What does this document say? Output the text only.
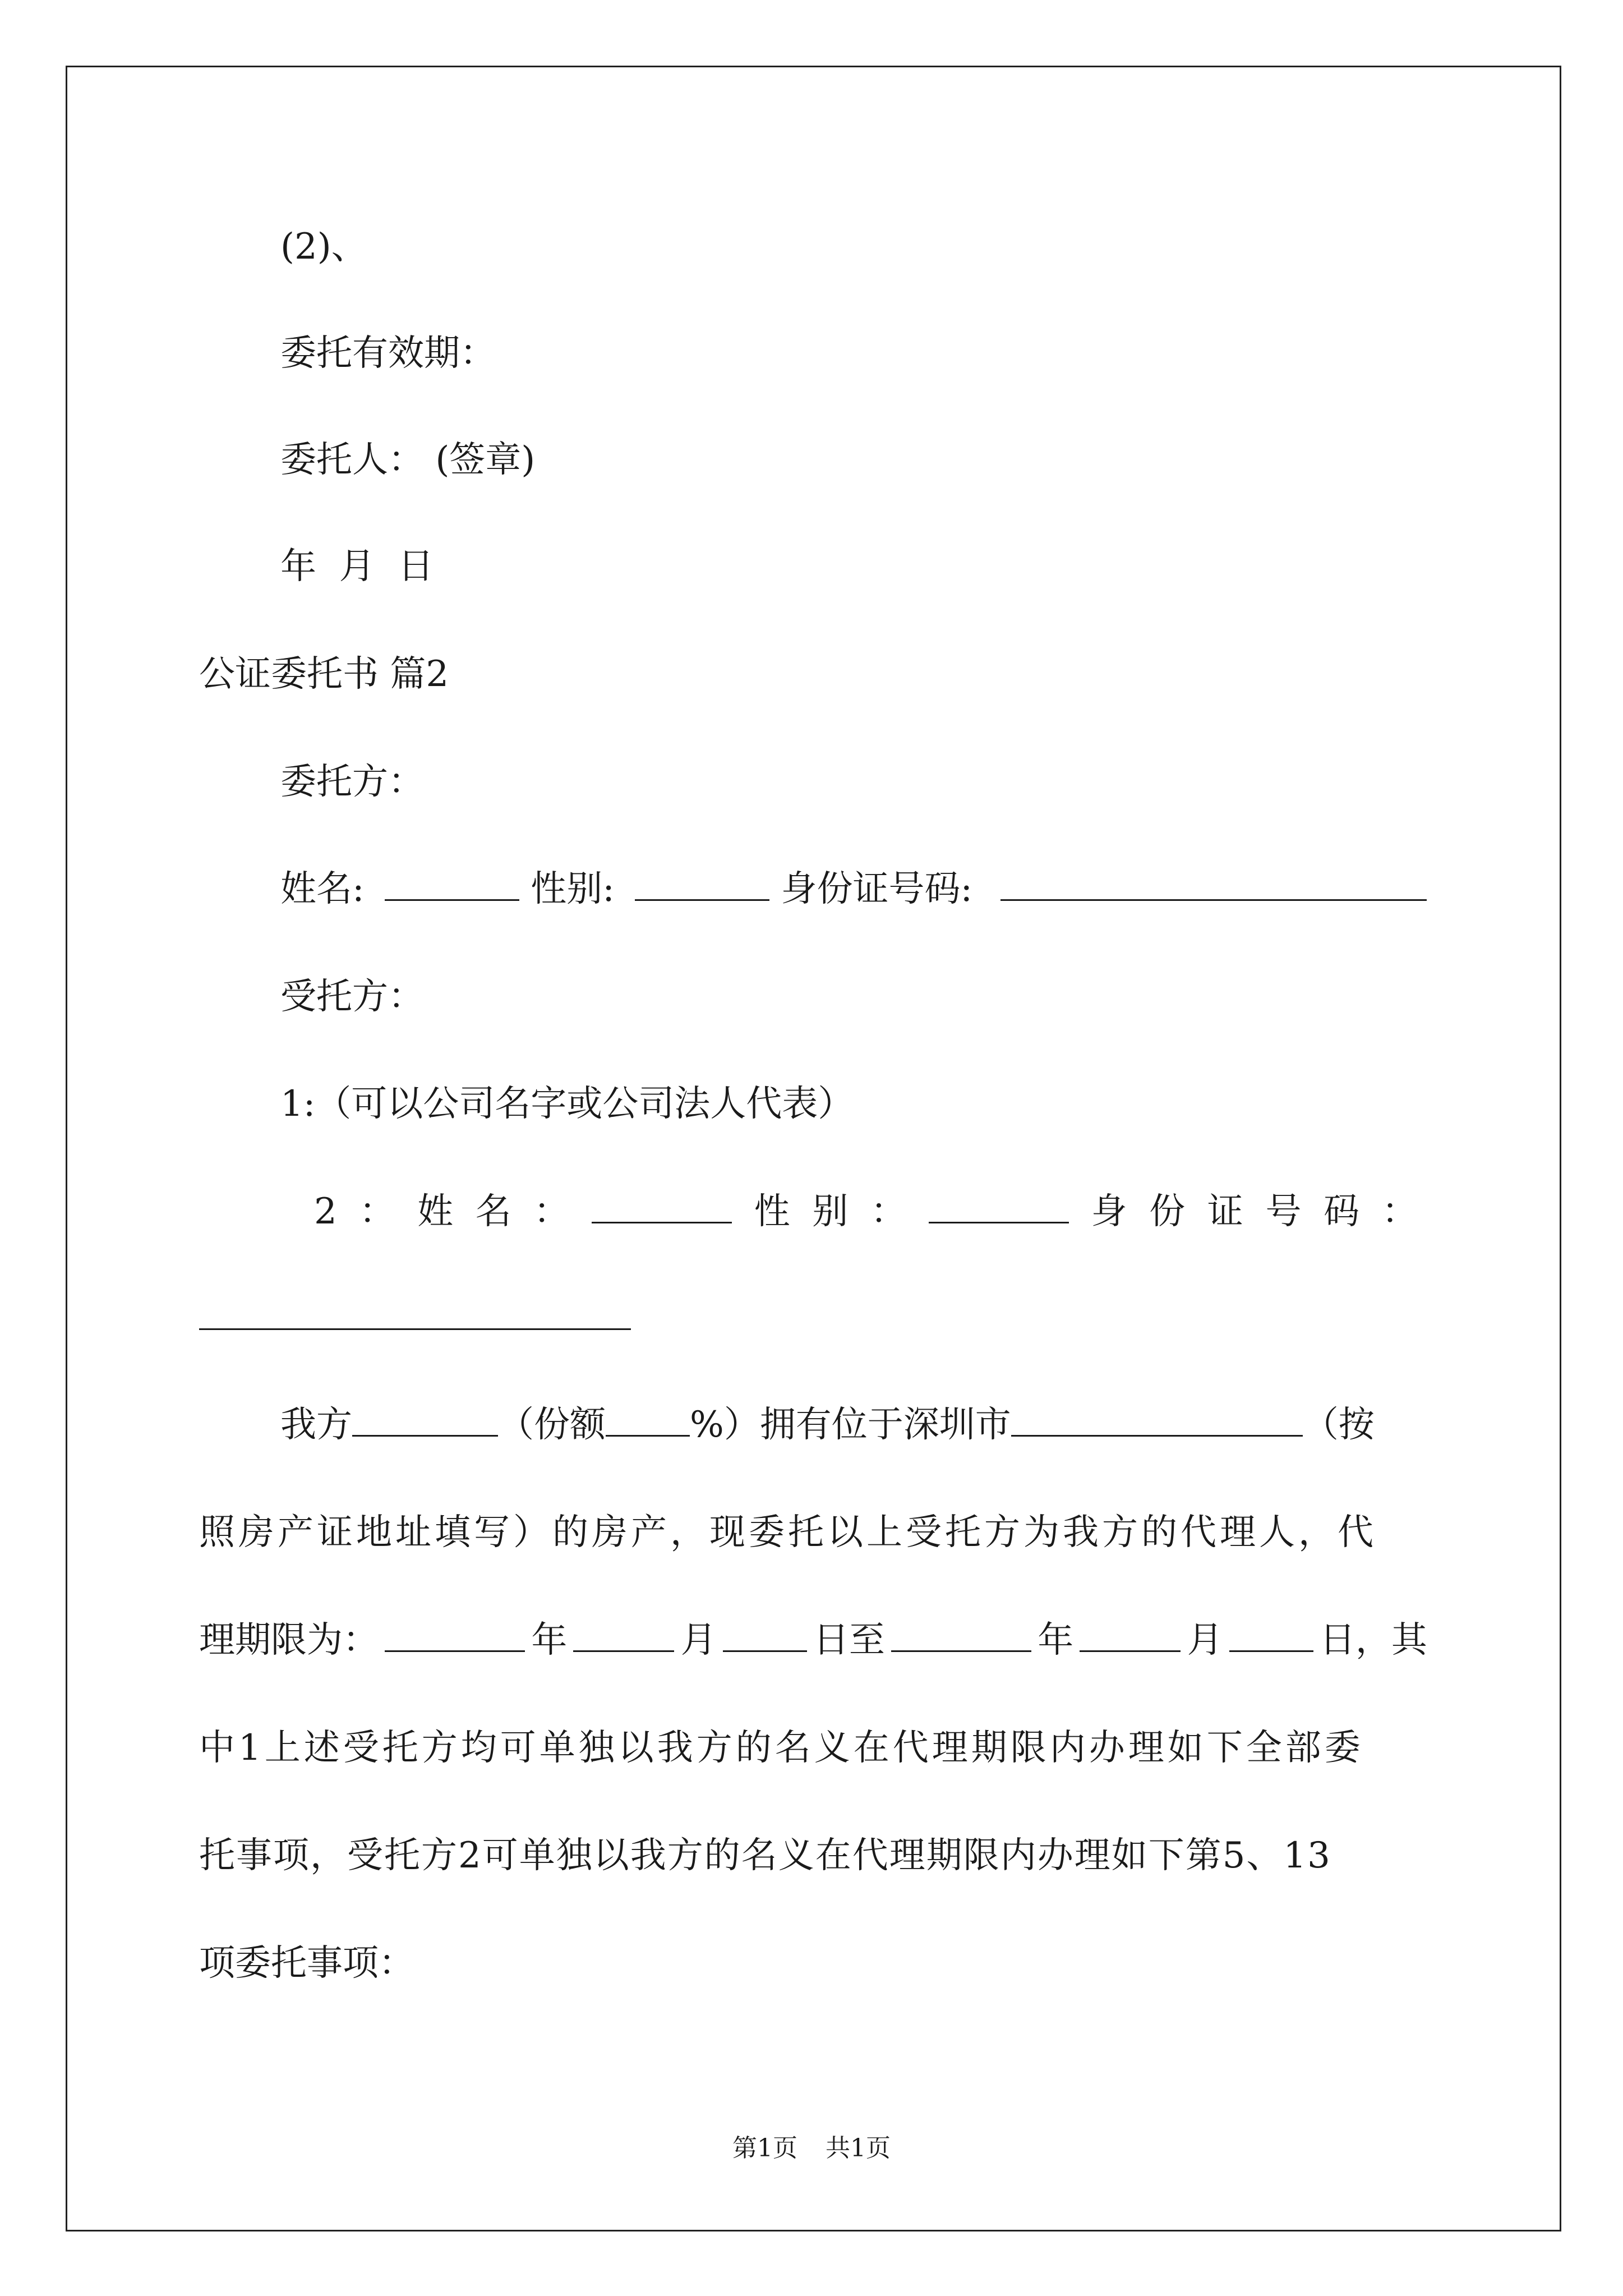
(2)、
委托有效期：
委托人： (签章)
年  月  日
公证委托书 篇2
委托方：
姓名:	性别:	身份证号码:
受托方：
1:（可以公司名字或公司法人代表）
2 ： 姓 名 ：	性 别 ：	身 份 证 号 码 ：
我方	（份额 %）拥有位于深圳市	（按
照房产证地址填写）的房产，现委托以上受托方为我方的代理人，代
理期限为：	年	月	日至	年	月	日，其
中1上述受托方均可单独以我方的名义在代理期限内办理如下全部委
托事项，受托方2可单独以我方的名义在代理期限内办理如下第5、13
项委托事项：
第1页 共1页
